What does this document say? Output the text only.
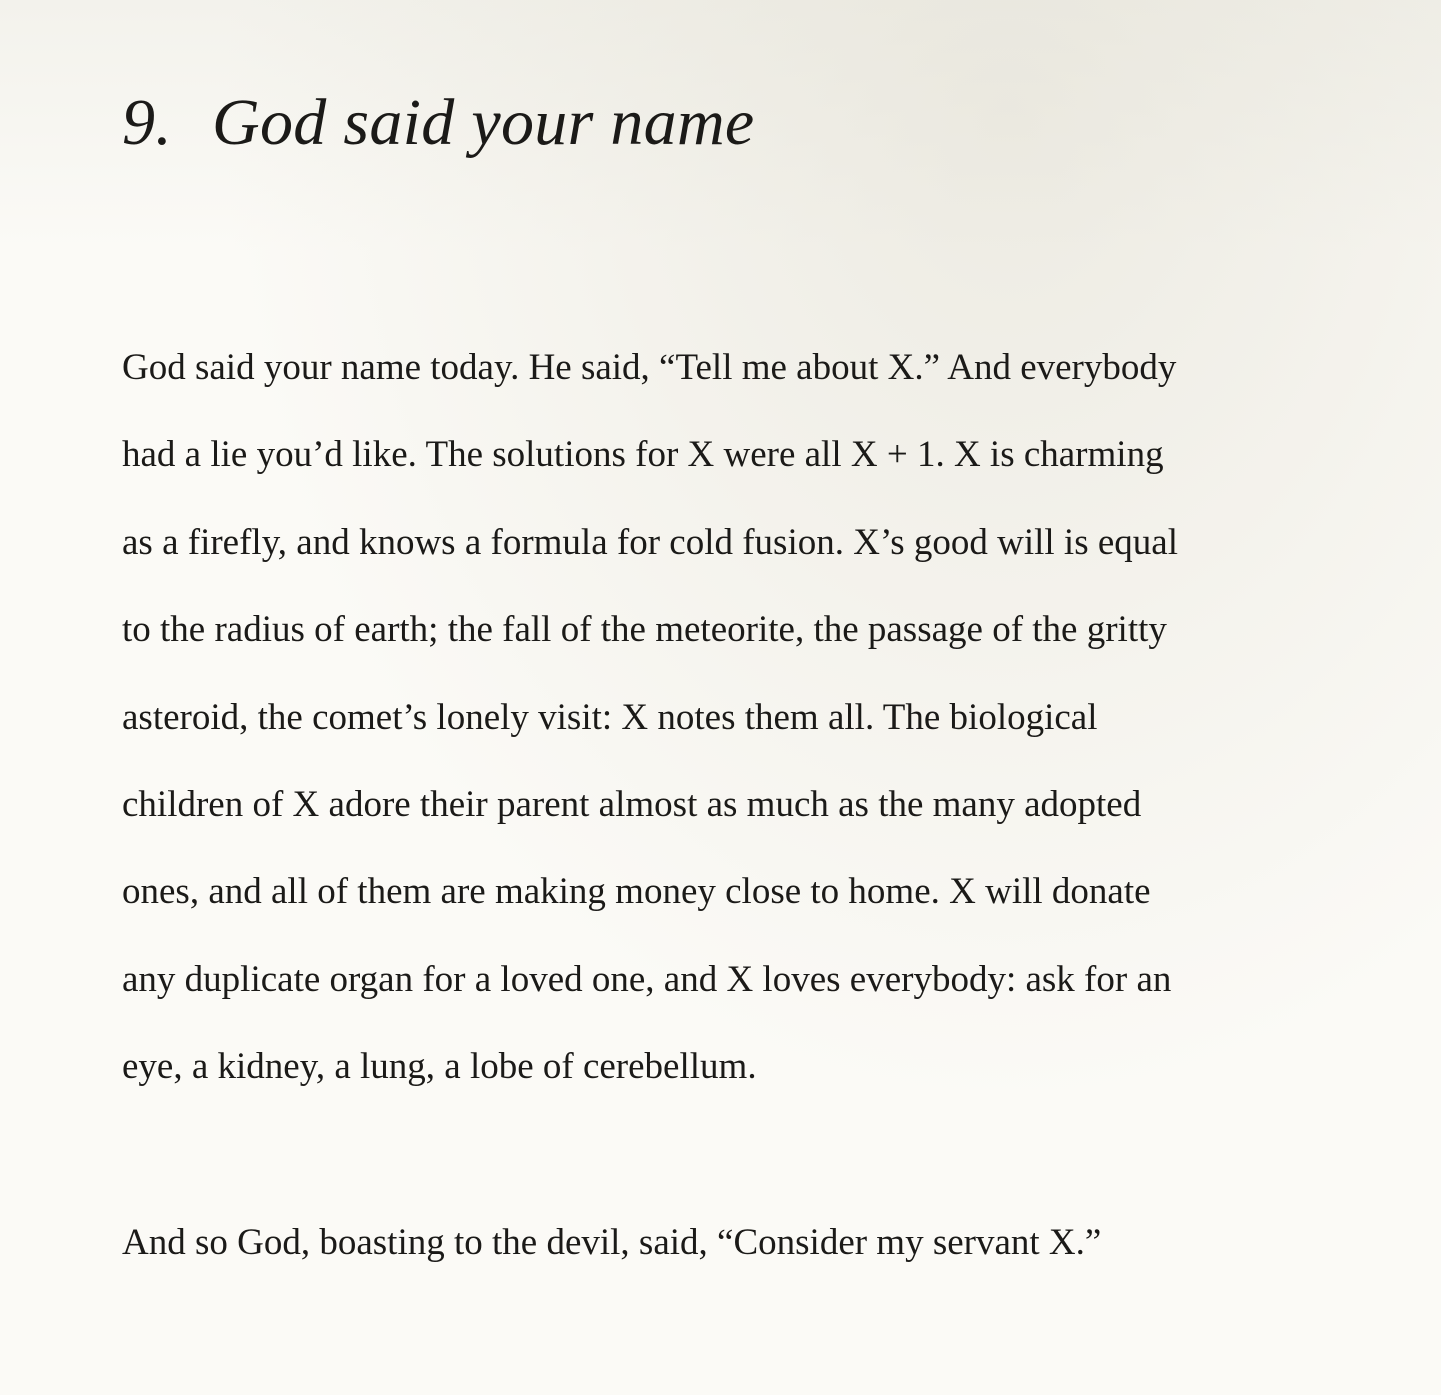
9. God said your name

God said your name today. He said, “Tell me about X.” And everybody
had a lie you’d like. The solutions for X were all X + 1. X is charming
as a firefly, and knows a formula for cold fusion. X’s good will is equal
to the radius of earth; the fall of the meteorite, the passage of the gritty
asteroid, the comet’s lonely visit: X notes them all. The biological
children of X adore their parent almost as much as the many adopted
ones, and all of them are making money close to home. X will donate
any duplicate organ for a loved one, and X loves everybody: ask for an
eye, a kidney, a lung, a lobe of cerebellum.

And so God, boasting to the devil, said, “Consider my servant X.”
